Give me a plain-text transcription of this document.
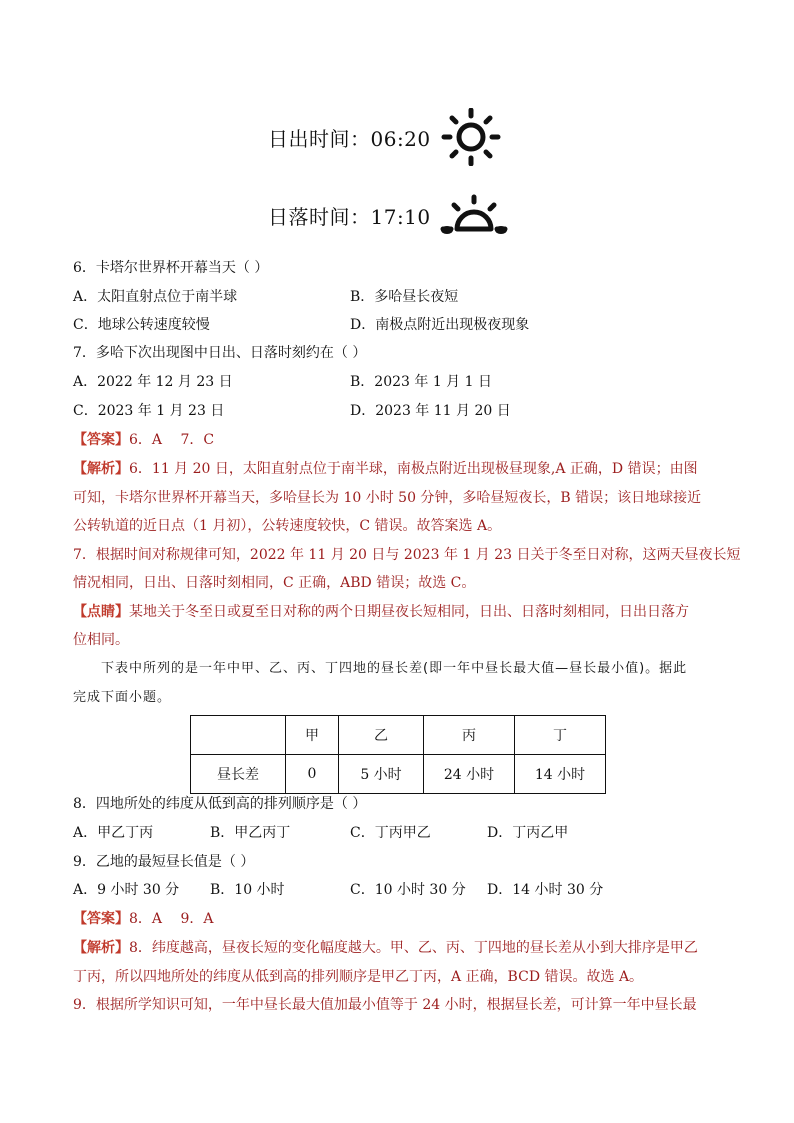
日出时间：06:20
日落时间：17:10
6．卡塔尔世界杯开幕当天（ ）
A．太阳直射点位于南半球	B．多哈昼长夜短
C．地球公转速度较慢	D．南极点附近出现极夜现象
7．多哈下次出现图中日出、日落时刻约在（ ）
A．2022 年 12 月 23 日	B．2023 年 1 月 1 日
C．2023 年 1 月 23 日	D．2023 年 11 月 20 日
【答案】6．A　 7．C
【解析】6．11 月 20 日，太阳直射点位于南半球，南极点附近出现极昼现象,A 正确，D 错误；由图
可知，卡塔尔世界杯开幕当天，多哈昼长为 10 小时 50 分钟，多哈昼短夜长，B 错误；该日地球接近
公转轨道的近日点（1 月初），公转速度较快，C 错误。故答案选 A。
7．根据时间对称规律可知，2022 年 11 月 20 日与 2023 年 1 月 23 日关于冬至日对称，这两天昼夜长短
情况相同，日出、日落时刻相同，C 正确，ABD 错误；故选 C。
【点睛】某地关于冬至日或夏至日对称的两个日期昼夜长短相同，日出、日落时刻相同，日出日落方
位相同。
下表中所列的是一年中甲、乙、丙、丁四地的昼长差(即一年中昼长最大值—昼长最小值)。据此
完成下面小题。
	甲	乙	丙	丁
昼长差	0	5 小时	24 小时	14 小时
8．四地所处的纬度从低到高的排列顺序是（ ）
A．甲乙丁丙	B．甲乙丙丁	C．丁丙甲乙	D．丁丙乙甲
9．乙地的最短昼长值是（ ）
A．9 小时 30 分 B．10 小时	C．10 小时 30 分 D．14 小时 30 分
【答案】8．A　 9．A
【解析】8．纬度越高，昼夜长短的变化幅度越大。甲、乙、丙、丁四地的昼长差从小到大排序是甲乙
丁丙，所以四地所处的纬度从低到高的排列顺序是甲乙丁丙，A 正确，BCD 错误。故选 A。
9．根据所学知识可知，一年中昼长最大值加最小值等于 24 小时，根据昼长差，可计算一年中昼长最
